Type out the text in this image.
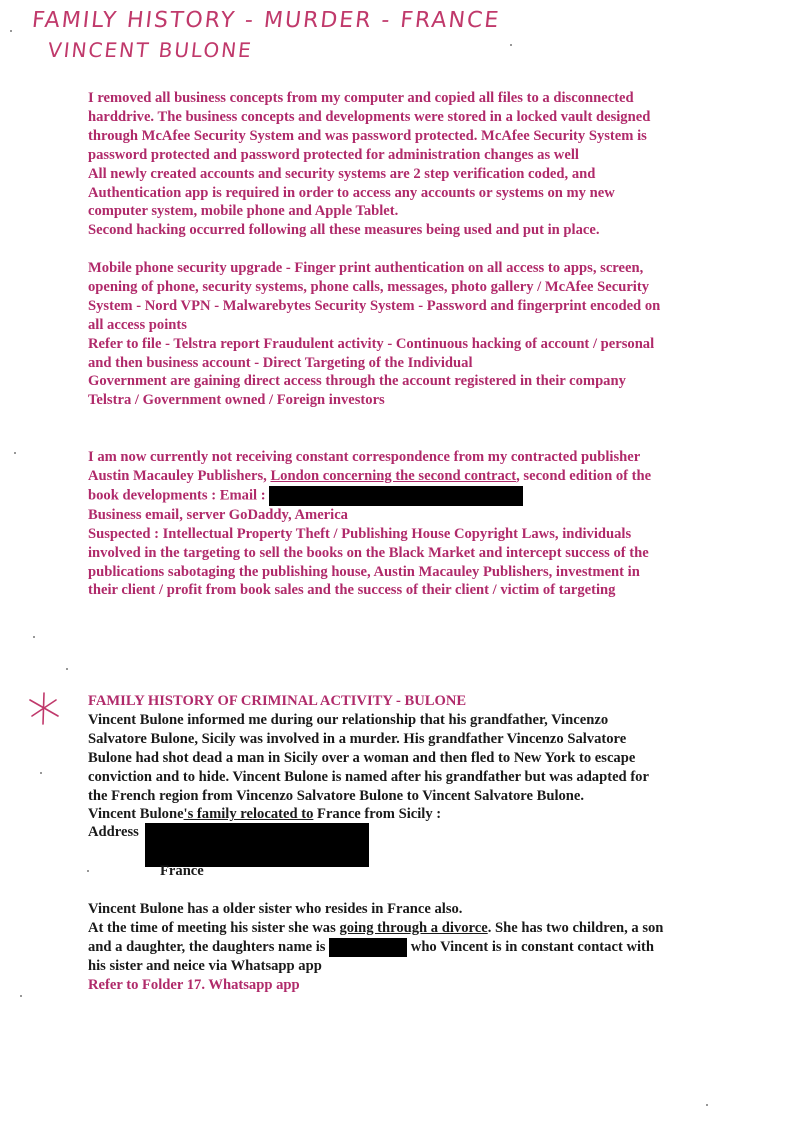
FAMILY HISTORY - MURDER - FRANCE
VINCENT BULONE

I removed all business concepts from my computer and copied all files to a disconnected

harddrive. The business concepts and developments were stored in a locked vault designed

through McAfee Security System and was password protected. McAfee Security System is

password protected and password protected for administration changes as well

All newly created accounts and security systems are 2 step verification coded, and

Authentication app is required in order to access any accounts or systems on my new

computer system, mobile phone and Apple Tablet.

Second hacking occurred following all these measures being used and put in place.

Mobile phone security upgrade - Finger print authentication on all access to apps, screen,

opening of phone, security systems, phone calls, messages, photo gallery / McAfee Security

System - Nord VPN - Malwarebytes Security System - Password and fingerprint encoded on

all access points

Refer to file - Telstra report Fraudulent activity - Continuous hacking of account / personal

and then business account - Direct Targeting of the Individual

Government are gaining direct access through the account registered in their company

Telstra / Government owned / Foreign investors

I am now currently not receiving constant correspondence from my contracted publisher

Austin Macauley Publishers, London concerning the second contract, second edition of the

book developments : Email :

Business email, server GoDaddy, America

Suspected : Intellectual Property Theft / Publishing House Copyright Laws, individuals

involved in the targeting to sell the books on the Black Market and intercept success of the

publications sabotaging the publishing house, Austin Macauley Publishers, investment in

their client / profit from book sales and the success of their client / victim of targeting

FAMILY HISTORY OF CRIMINAL ACTIVITY - BULONE

Vincent Bulone informed me during our relationship that his grandfather, Vincenzo

Salvatore Bulone, Sicily was involved in a murder. His grandfather Vincenzo Salvatore

Bulone had shot dead a man in Sicily over a woman and then fled to New York to escape

conviction and to hide. Vincent Bulone is named after his grandfather but was adapted for

the French region from Vincenzo Salvatore Bulone to Vincent Salvatore Bulone.

Vincent Bulone's family relocated to France from Sicily :

Address

France

Vincent Bulone has a older sister who resides in France also.

At the time of meeting his sister she was going through a divorce. She has two children, a son

and a daughter, the daughters name is	who Vincent is in constant contact with

his sister and neice via Whatsapp app

Refer to Folder 17. Whatsapp app
